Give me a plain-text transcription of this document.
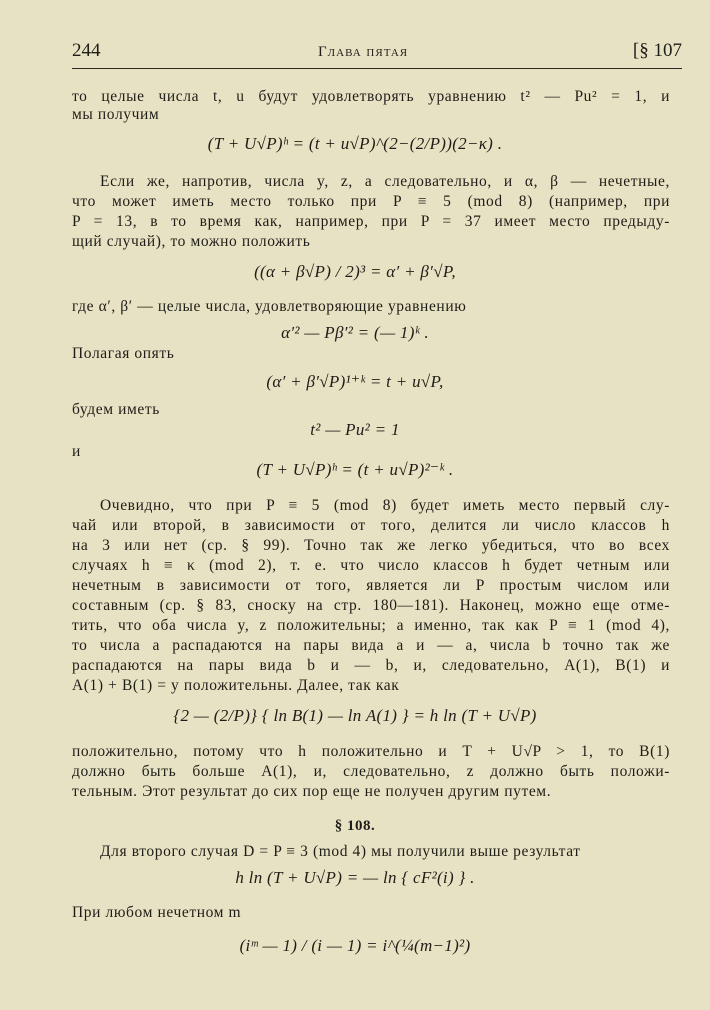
244	Глава пятая	[§ 107
то целые числа t, u будут удовлетворять уравнению t² — Pu² = 1, и
мы получим
(T + U√P)ʰ = (t + u√P)^(2−(2/P))(2−κ) .
Если же, напротив, числа y, z, a следовательно, и α, β — нечетные,
что может иметь место только при P ≡ 5 (mod 8) (например, при
P = 13, в то время как, например, при P = 37 имеет место предыду-
щий случай), то можно положить
((α + β√P) / 2)³ = α′ + β′√P,
где α′, β′ — целые числа, удовлетворяющие уравнению
α′² — Pβ′² = (— 1)ᵏ .
Полагая опять
(α′ + β′√P)¹⁺ᵏ = t + u√P,
будем иметь
t² — Pu² = 1
и
(T + U√P)ʰ = (t + u√P)²⁻ᵏ .
Очевидно, что при P ≡ 5 (mod 8) будет иметь место первый слу-
чай или второй, в зависимости от того, делится ли число классов h
на 3 или нет (ср. § 99). Точно так же легко убедиться, что во всех
случаях h ≡ κ (mod 2), т. е. что число классов h будет четным или
нечетным в зависимости от того, является ли P простым числом или
составным (ср. § 83, сноску на стр. 180—181). Наконец, можно еще отме-
тить, что оба числа y, z положительны; а именно, так как P ≡ 1 (mod 4),
то числа a распадаются на пары вида a и — a, числа b точно так же
распадаются на пары вида b и — b, и, следовательно, A(1), B(1) и
A(1) + B(1) = y положительны. Далее, так как
{2 — (2/P)} { ln B(1) — ln A(1) } = h ln (T + U√P)
положительно, потому что h положительно и T + U√P > 1, то B(1)
должно быть больше A(1), и, следовательно, z должно быть положи-
тельным. Этот результат до сих пор еще не получен другим путем.
§ 108.
Для второго случая D = P ≡ 3 (mod 4) мы получили выше результат
h ln (T + U√P) = — ln { cF²(i) } .
При любом нечетном m
(iᵐ — 1) / (i — 1) = i^(¼(m−1)²)
